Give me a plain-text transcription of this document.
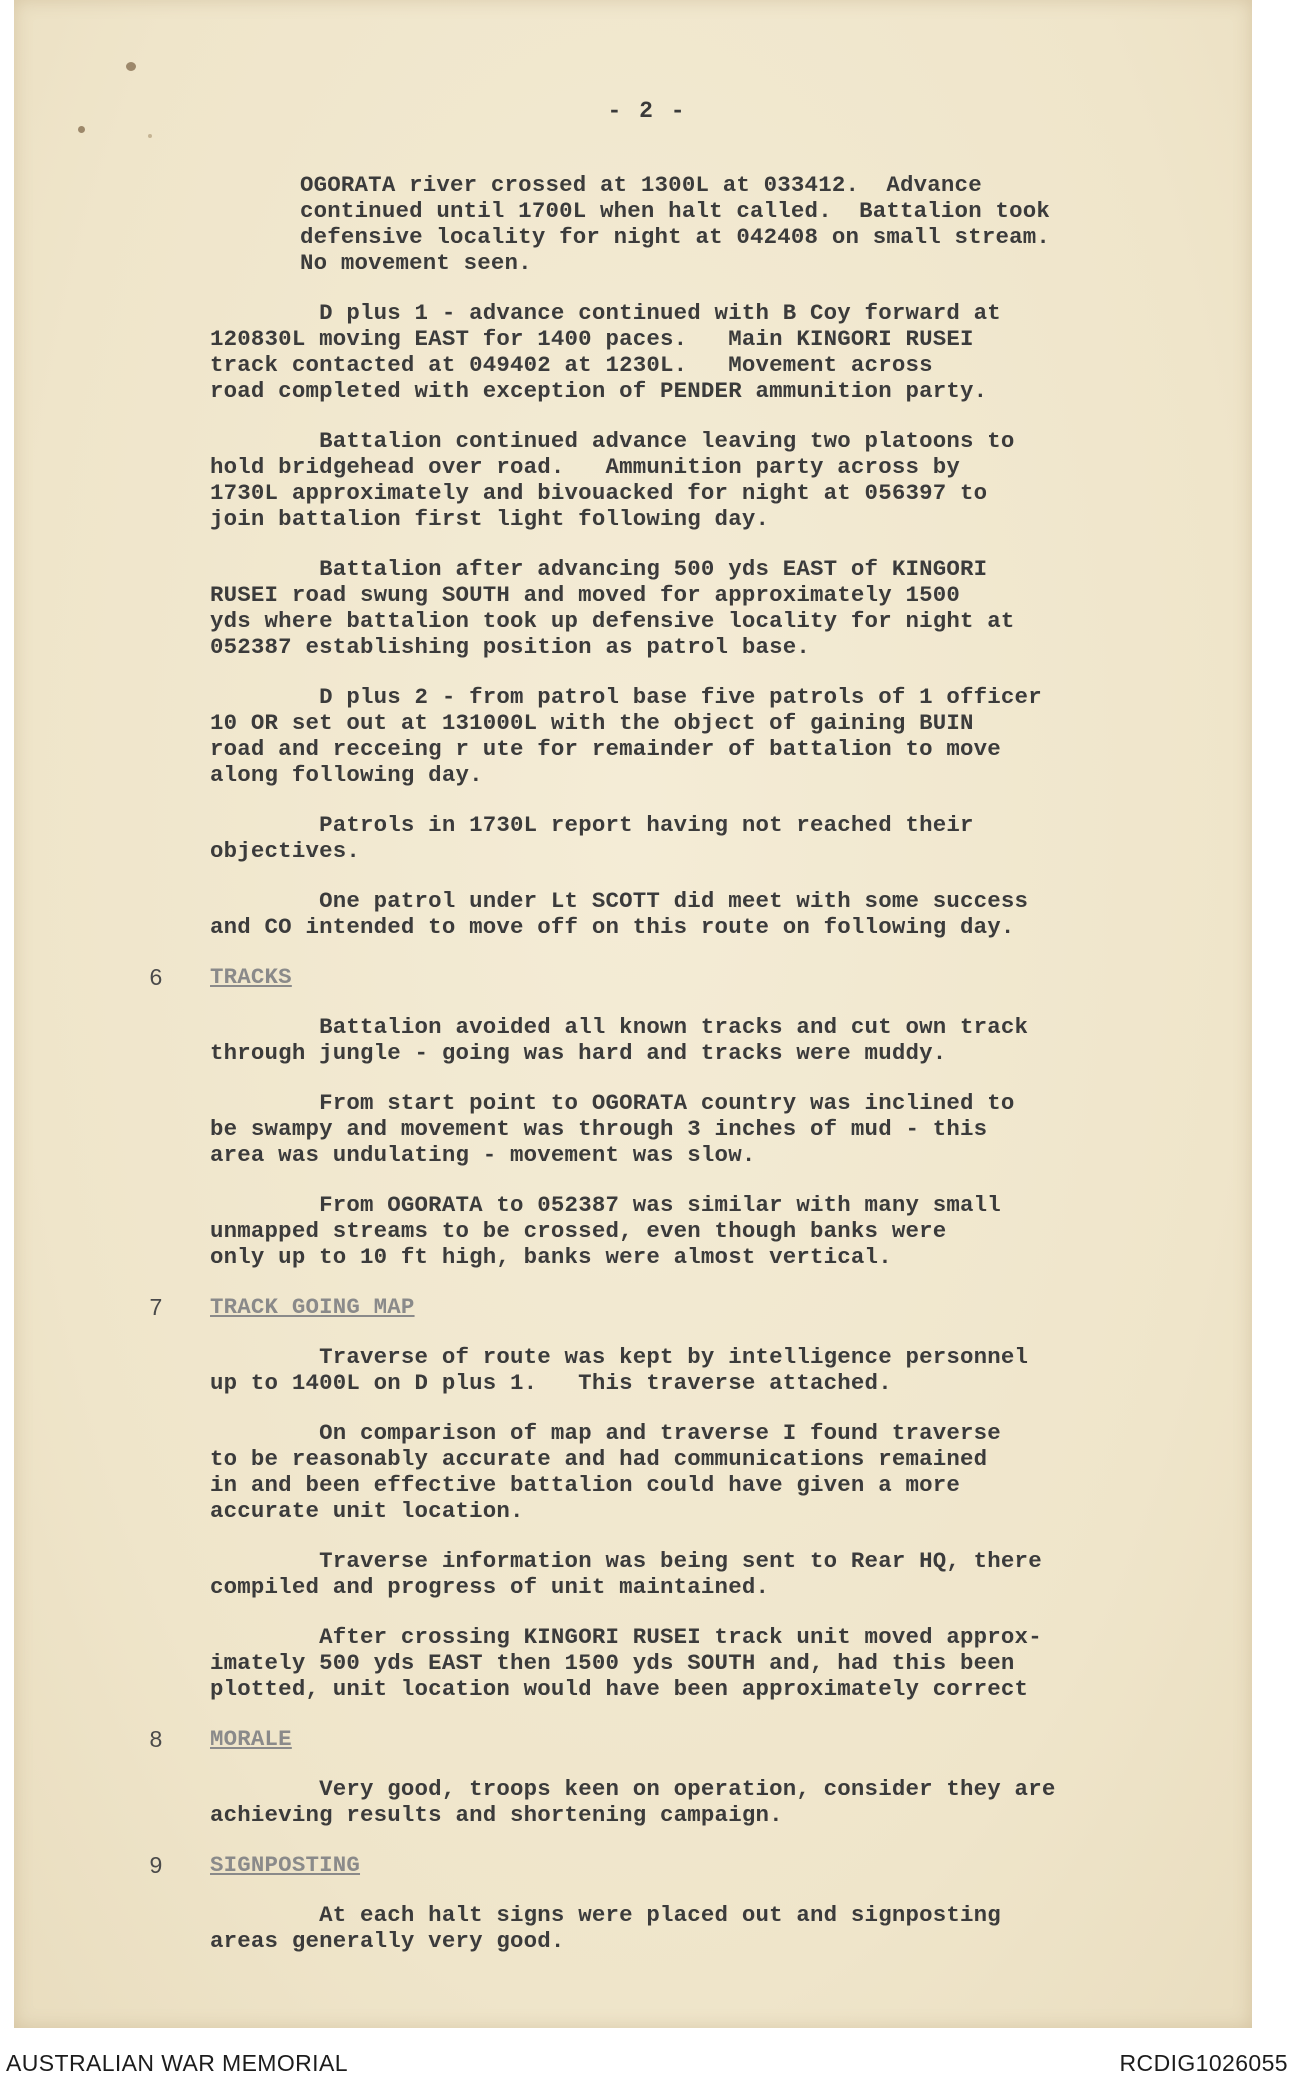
- 2 -

OGORATA river crossed at 1300L at 033412.  Advance
continued until 1700L when halt called.  Battalion took
defensive locality for night at 042408 on small stream.
No movement seen.

D plus 1 - advance continued with B Coy forward at
120830L moving EAST for 1400 paces.   Main KINGORI RUSEI
track contacted at 049402 at 1230L.   Movement across
road completed with exception of PENDER ammunition party.

Battalion continued advance leaving two platoons to
hold bridgehead over road.   Ammunition party across by
1730L approximately and bivouacked for night at 056397 to
join battalion first light following day.

Battalion after advancing 500 yds EAST of KINGORI
RUSEI road swung SOUTH and moved for approximately 1500
yds where battalion took up defensive locality for night at
052387 establishing position as patrol base.

D plus 2 - from patrol base five patrols of 1 officer
10 OR set out at 131000L with the object of gaining BUIN
road and recceing r ute for remainder of battalion to move
along following day.

Patrols in 1730L report having not reached their
objectives.

One patrol under Lt SCOTT did meet with some success
and CO intended to move off on this route on following day.

6 TRACKS

Battalion avoided all known tracks and cut own track
through jungle - going was hard and tracks were muddy.

From start point to OGORATA country was inclined to
be swampy and movement was through 3 inches of mud - this
area was undulating - movement was slow.

From OGORATA to 052387 was similar with many small
unmapped streams to be crossed, even though banks were
only up to 10 ft high, banks were almost vertical.

7 TRACK GOING MAP

Traverse of route was kept by intelligence personnel
up to 1400L on D plus 1.   This traverse attached.

On comparison of map and traverse I found traverse
to be reasonably accurate and had communications remained
in and been effective battalion could have given a more
accurate unit location.

Traverse information was being sent to Rear HQ, there
compiled and progress of unit maintained.

After crossing KINGORI RUSEI track unit moved approx-
imately 500 yds EAST then 1500 yds SOUTH and, had this been
plotted, unit location would have been approximately correct

8 MORALE

Very good, troops keen on operation, consider they are
achieving results and shortening campaign.

9 SIGNPOSTING

At each halt signs were placed out and signposting
areas generally very good.

AUSTRALIAN WAR MEMORIAL	RCDIG1026055
